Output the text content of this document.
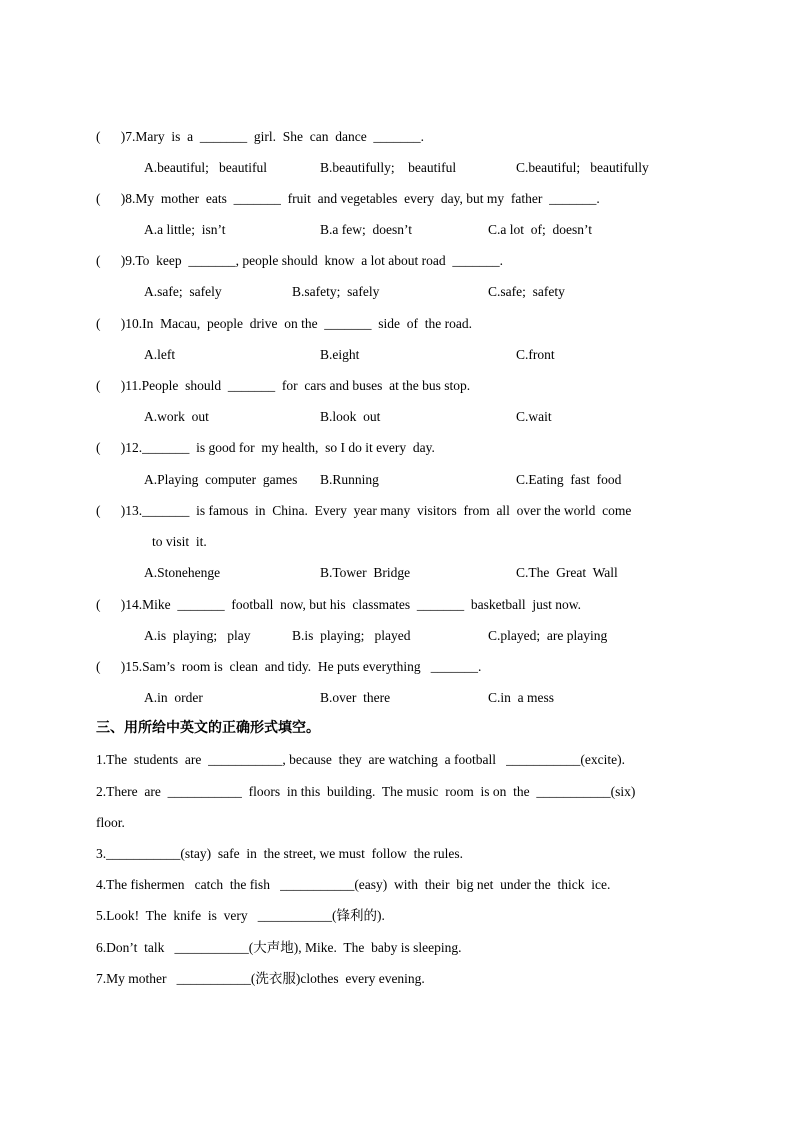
(      )7.Mary  is  a  _______  girl.  She  can  dance  _______.
A.beautiful;   beautiful	B.beautifully;    beautiful	C.beautiful;   beautifully
(      )8.My  mother  eats  _______  fruit  and vegetables  every  day, but my  father  _______.
A.a little;  isn’t	B.a few;  doesn’t	C.a lot  of;  doesn’t
(      )9.To  keep  _______, people should  know  a lot about road  _______.
A.safe;  safely	B.safety;  safely	C.safe;  safety
(      )10.In  Macau,  people  drive  on the  _______  side  of  the road.
A.left	B.eight	C.front
(      )11.People  should  _______  for  cars and buses  at the bus stop.
A.work  out	B.look  out	C.wait
(      )12._______  is good for  my health,  so I do it every  day.
A.Playing  computer  games B.Running	C.Eating  fast  food
(      )13._______  is famous  in  China.  Every  year many  visitors  from  all  over the world  come
to visit  it.
A.Stonehenge	B.Tower  Bridge	C.The  Great  Wall
(      )14.Mike  _______  football  now, but his  classmates  _______  basketball  just now.
A.is  playing;   play	B.is  playing;   played	C.played;  are playing
(      )15.Sam’s  room is  clean  and tidy.  He puts everything   _______.
A.in  order	B.over  there	C.in  a mess
三、用所给中英文的正确形式填空。
1.The  students  are  ___________, because  they  are watching  a football   ___________(excite).
2.There  are  ___________  floors  in this  building.  The music  room  is on  the  ___________(six)
floor.
3.___________(stay)  safe  in  the street, we must  follow  the rules.
4.The fishermen   catch  the fish   ___________(easy)  with  their  big net  under the  thick  ice.
5.Look!  The  knife  is  very   ___________(锋利的).
6.Don’t  talk   ___________(大声地), Mike.  The  baby is sleeping.
7.My mother   ___________(洗衣服)clothes  every evening.
